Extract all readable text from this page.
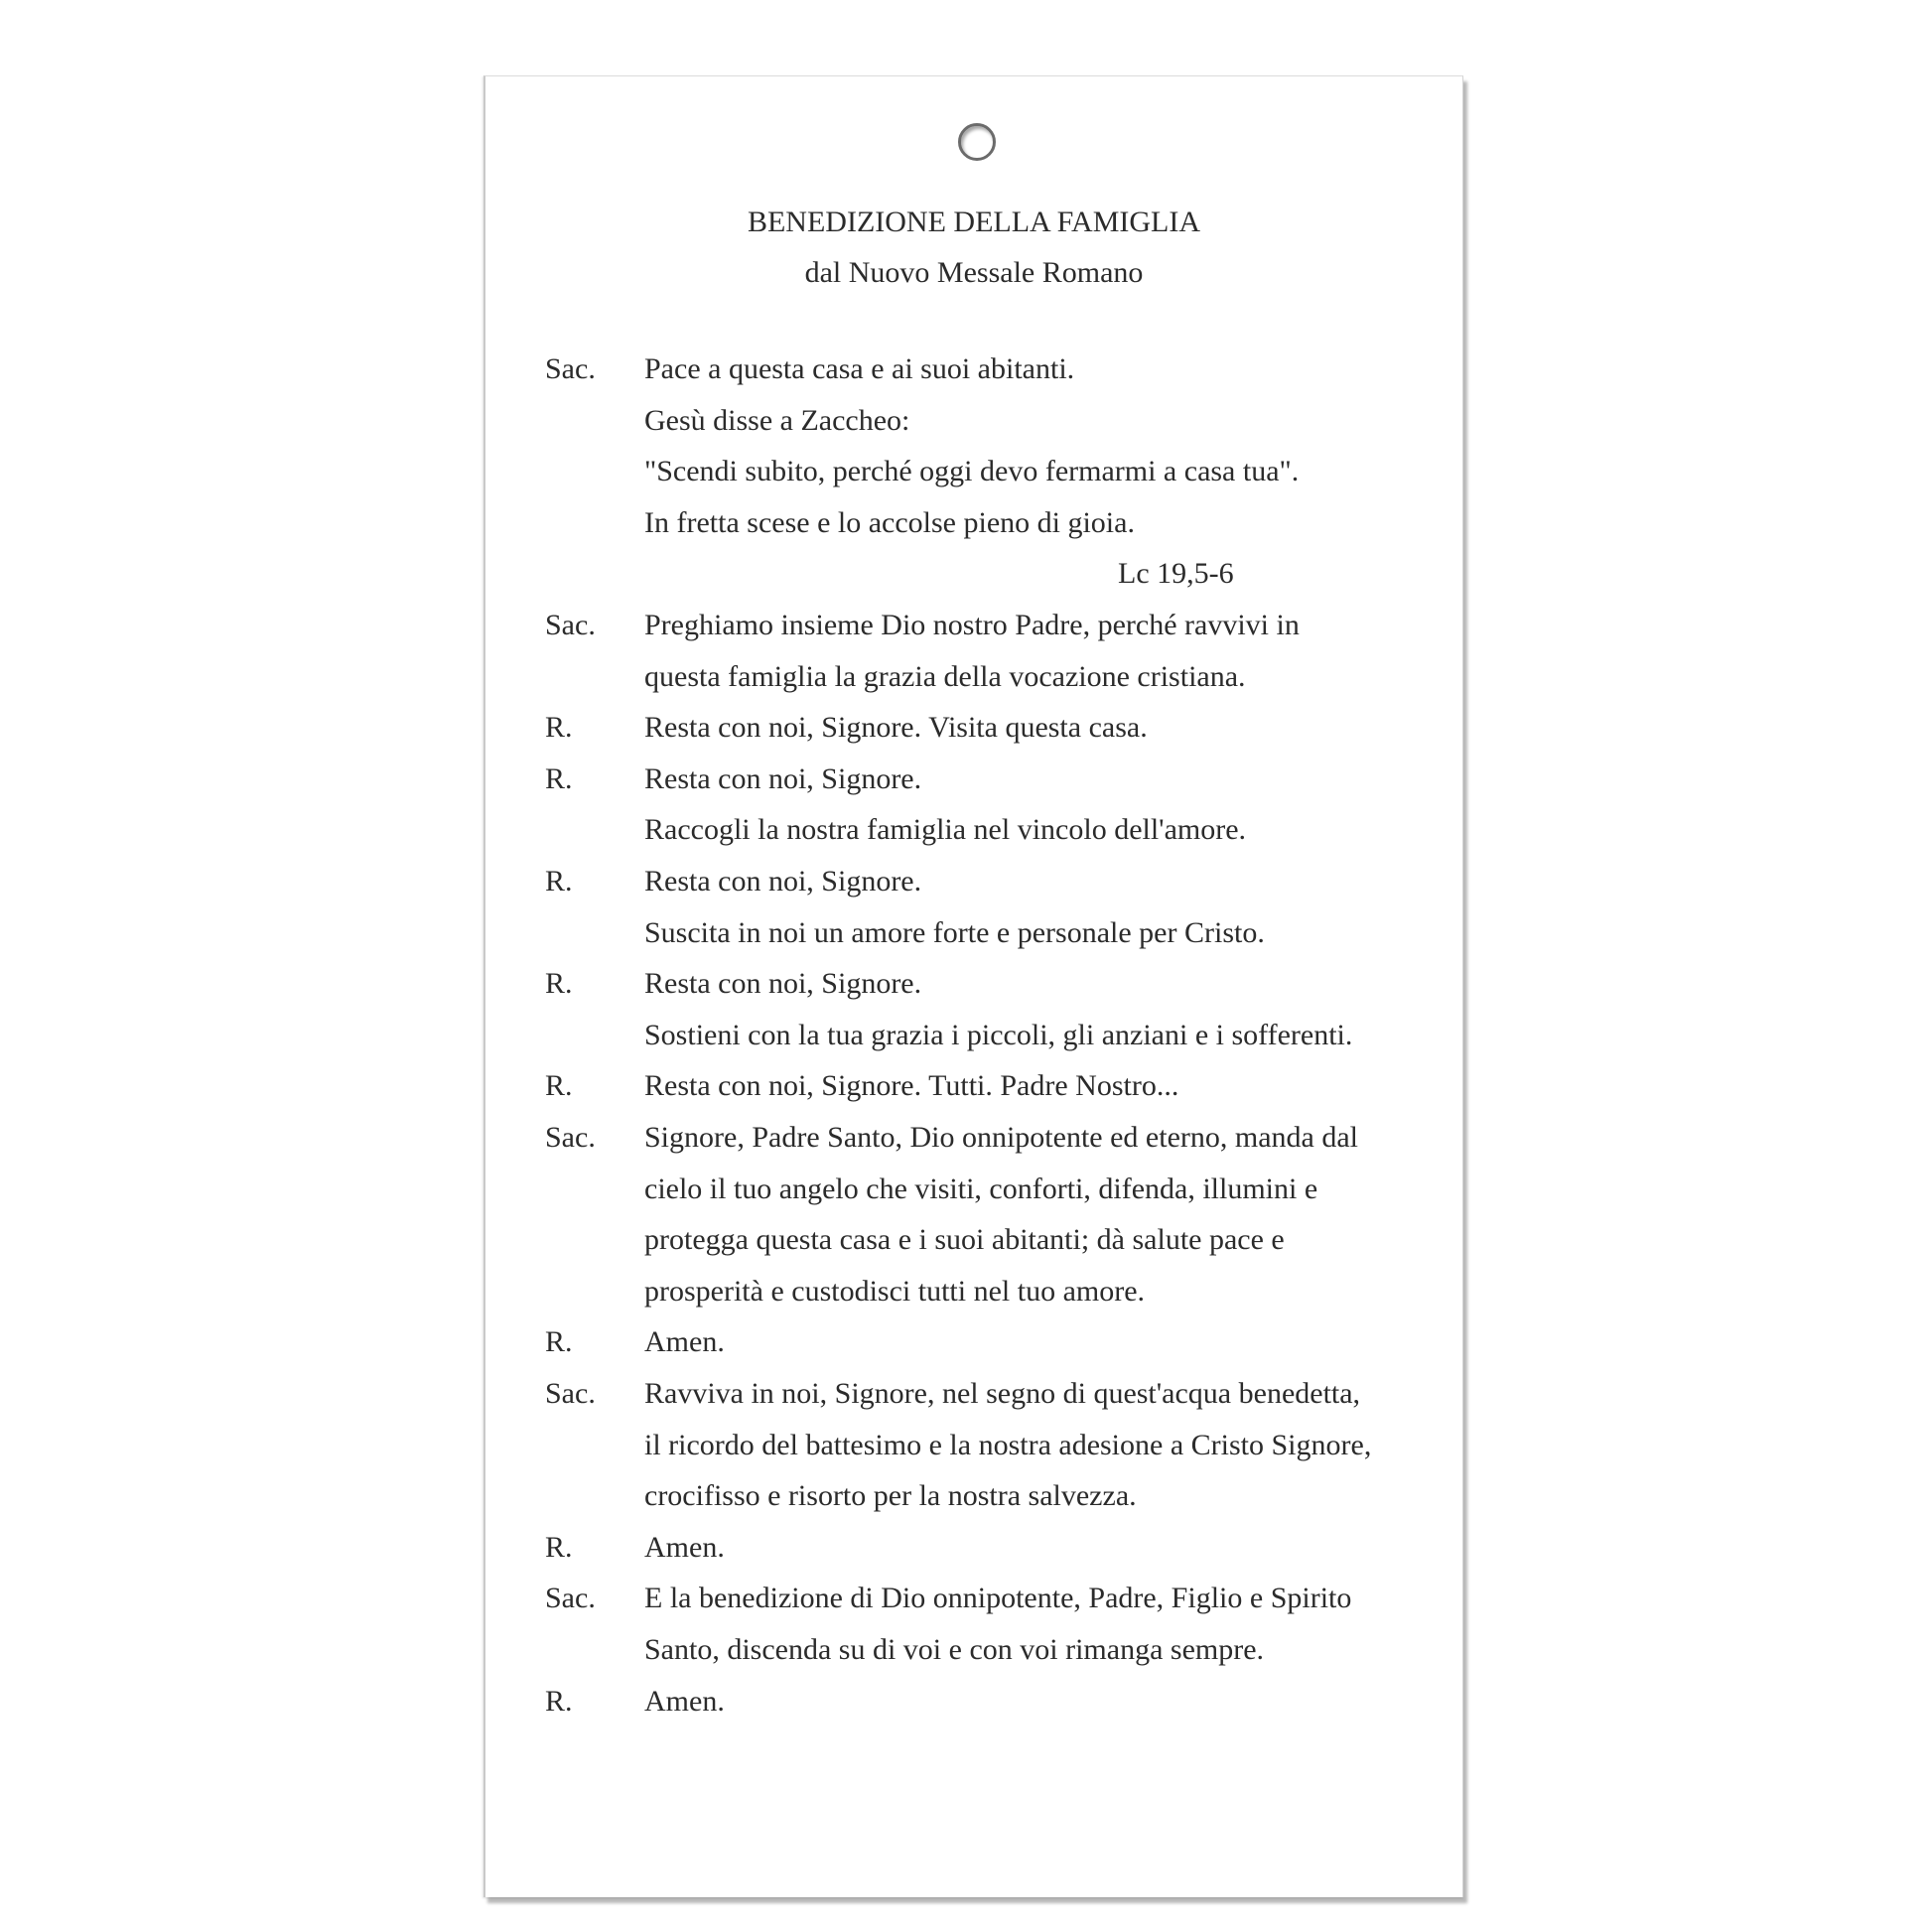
BENEDIZIONE DELLA FAMIGLIA
dal Nuovo Messale Romano
Sac. Pace a questa casa e ai suoi abitanti.
Gesù disse a Zaccheo:
"Scendi subito, perché oggi devo fermarmi a casa tua".
In fretta scese e lo accolse pieno di gioia.
Lc 19,5-6
Sac. Preghiamo insieme Dio nostro Padre, perché ravvivi in
questa famiglia la grazia della vocazione cristiana.
R. Resta con noi, Signore. Visita questa casa.
R. Resta con noi, Signore.
Raccogli la nostra famiglia nel vincolo dell'amore.
R. Resta con noi, Signore.
Suscita in noi un amore forte e personale per Cristo.
R. Resta con noi, Signore.
Sostieni con la tua grazia i piccoli, gli anziani e i sofferenti.
R. Resta con noi, Signore. Tutti. Padre Nostro...
Sac. Signore, Padre Santo, Dio onnipotente ed eterno, manda dal
cielo il tuo angelo che visiti, conforti, difenda, illumini e
protegga questa casa e i suoi abitanti; dà salute pace e
prosperità e custodisci tutti nel tuo amore.
R. Amen.
Sac. Ravviva in noi, Signore, nel segno di quest'acqua benedetta,
il ricordo del battesimo e la nostra adesione a Cristo Signore,
crocifisso e risorto per la nostra salvezza.
R. Amen.
Sac. E la benedizione di Dio onnipotente, Padre, Figlio e Spirito
Santo, discenda su di voi e con voi rimanga sempre.
R. Amen.
